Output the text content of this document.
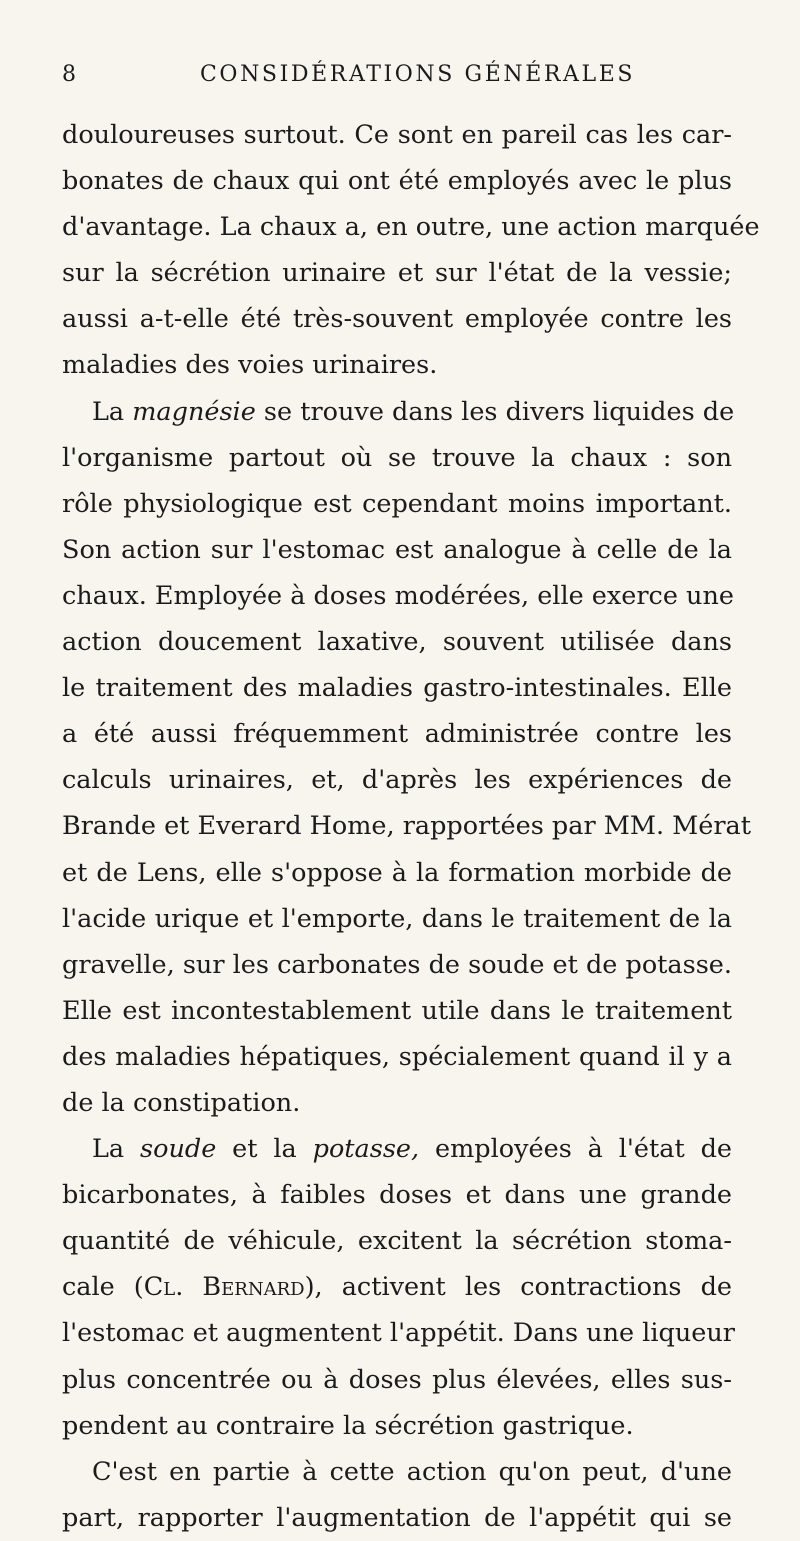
8	CONSIDÉRATIONS GÉNÉRALES
douloureuses surtout. Ce sont en pareil cas les car-
bonates de chaux qui ont été employés avec le plus
d'avantage. La chaux a, en outre, une action marquée
sur la sécrétion urinaire et sur l'état de la vessie;
aussi a-t-elle été très-souvent employée contre les
maladies des voies urinaires.
La magnésie se trouve dans les divers liquides de
l'organisme partout où se trouve la chaux : son
rôle physiologique est cependant moins important.
Son action sur l'estomac est analogue à celle de la
chaux. Employée à doses modérées, elle exerce une
action doucement laxative, souvent utilisée dans
le traitement des maladies gastro-intestinales. Elle
a été aussi fréquemment administrée contre les
calculs urinaires, et, d'après les expériences de
Brande et Everard Home, rapportées par MM. Mérat
et de Lens, elle s'oppose à la formation morbide de
l'acide urique et l'emporte, dans le traitement de la
gravelle, sur les carbonates de soude et de potasse.
Elle est incontestablement utile dans le traitement
des maladies hépatiques, spécialement quand il y a
de la constipation.
La soude et la potasse, employées à l'état de
bicarbonates, à faibles doses et dans une grande
quantité de véhicule, excitent la sécrétion stoma-
cale (Cl. Bernard), activent les contractions de
l'estomac et augmentent l'appétit. Dans une liqueur
plus concentrée ou à doses plus élevées, elles sus-
pendent au contraire la sécrétion gastrique.
C'est en partie à cette action qu'on peut, d'une
part, rapporter l'augmentation de l'appétit qui se
